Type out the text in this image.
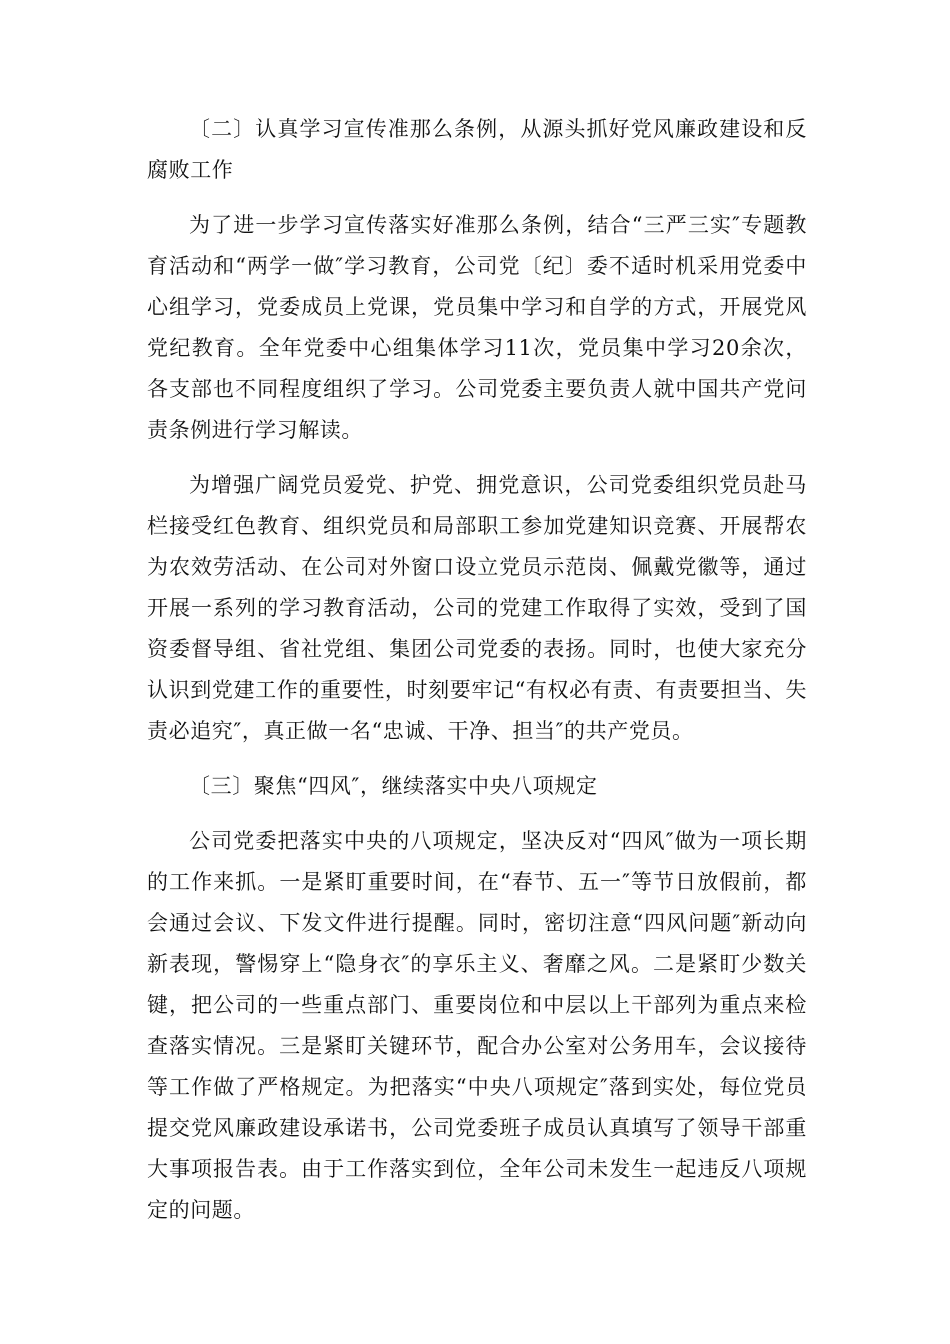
〔二〕认真学习宣传准那么条例，从源头抓好党风廉政建设和反腐败工作

为了进一步学习宣传落实好准那么条例，结合“三严三实″专题教育活动和“两学一做″学习教育，公司党〔纪〕委不适时机采用党委中心组学习，党委成员上党课，党员集中学习和自学的方式，开展党风党纪教育。全年党委中心组集体学习11次，党员集中学习20余次，各支部也不同程度组织了学习。公司党委主要负责人就中国共产党问责条例进行学习解读。

为增强广阔党员爱党、护党、拥党意识，公司党委组织党员赴马栏接受红色教育、组织党员和局部职工参加党建知识竞赛、开展帮农为农效劳活动、在公司对外窗口设立党员示范岗、佩戴党徽等，通过开展一系列的学习教育活动，公司的党建工作取得了实效，受到了国资委督导组、省社党组、集团公司党委的表扬。同时，也使大家充分认识到党建工作的重要性，时刻要牢记“有权必有责、有责要担当、失责必追究″，真正做一名“忠诚、干净、担当″的共产党员。

〔三〕聚焦“四风″，继续落实中央八项规定

公司党委把落实中央的八项规定，坚决反对“四风″做为一项长期的工作来抓。一是紧盯重要时间，在“春节、五一″等节日放假前，都会通过会议、下发文件进行提醒。同时，密切注意“四风问题″新动向新表现，警惕穿上“隐身衣″的享乐主义、奢靡之风。二是紧盯少数关键，把公司的一些重点部门、重要岗位和中层以上干部列为重点来检查落实情况。三是紧盯关键环节，配合办公室对公务用车，会议接待等工作做了严格规定。为把落实“中央八项规定″落到实处，每位党员提交党风廉政建设承诺书，公司党委班子成员认真填写了领导干部重大事项报告表。由于工作落实到位，全年公司未发生一起违反八项规定的问题。
